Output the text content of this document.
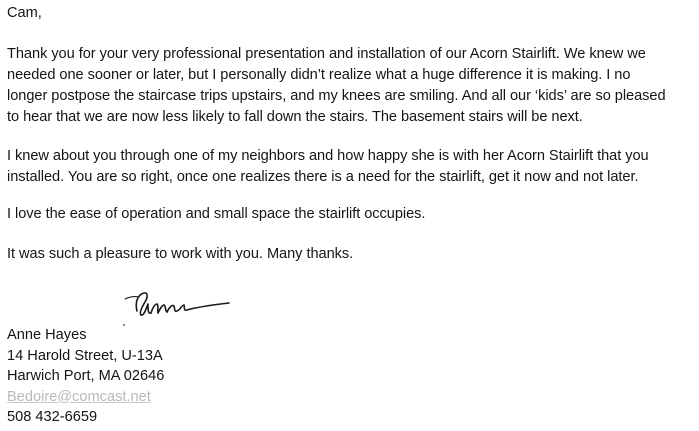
Cam,
Thank you for your very professional presentation and installation of our Acorn Stairlift. We knew we
needed one sooner or later, but I personally didn’t realize what a huge difference it is making. I no
longer postpose the staircase trips upstairs, and my knees are smiling. And all our ‘kids’ are so pleased
to hear that we are now less likely to fall down the stairs. The basement stairs will be next.
I knew about you through one of my neighbors and how happy she is with her Acorn Stairlift that you
installed. You are so right, once one realizes there is a need for the stairlift, get it now and not later.
I love the ease of operation and small space the stairlift occupies.
It was such a pleasure to work with you. Many thanks.
Anne Hayes
14 Harold Street, U-13A
Harwich Port, MA 02646
Bedoire@comcast.net
508 432-6659
